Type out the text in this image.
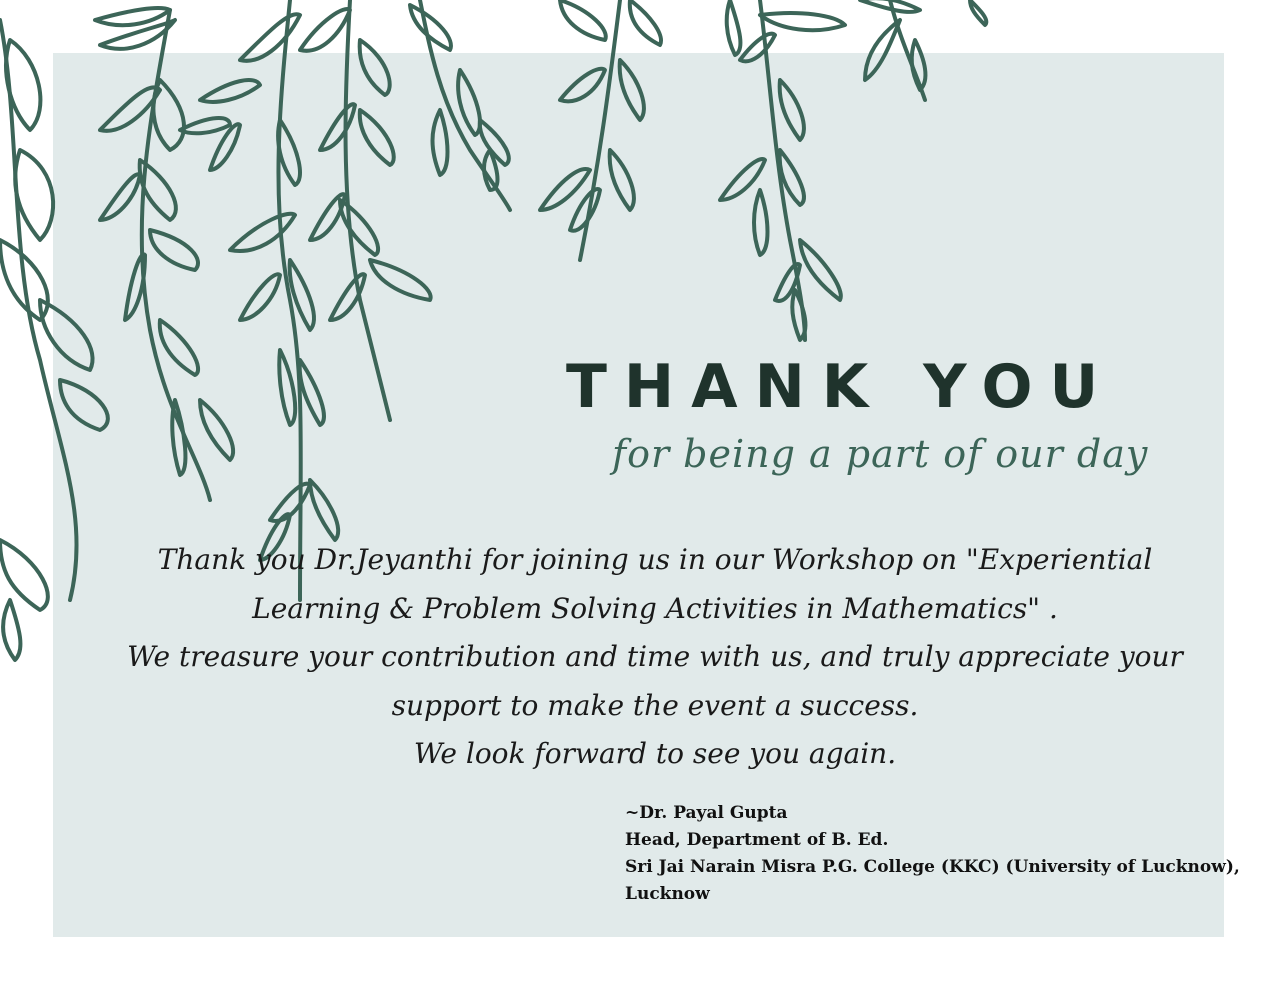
THANK YOU
for being a part of our day
Thank you Dr.Jeyanthi for joining us in our Workshop on "Experiential
Learning & Problem Solving Activities in Mathematics" .
We treasure your contribution and time with us, and truly appreciate your
support to make the event a success.
We look forward to see you again.
~Dr. Payal Gupta
Head, Department of B. Ed.
Sri Jai Narain Misra P.G. College (KKC) (University of Lucknow),
Lucknow
